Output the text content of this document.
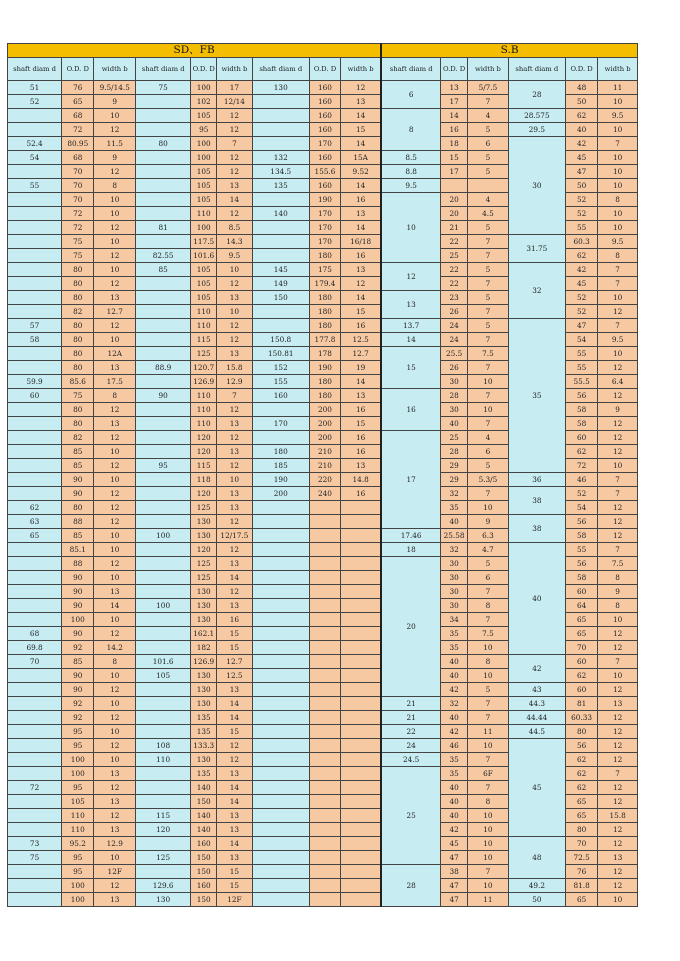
SD、FB									S.B					
shaft diam d	O.D. D	width b	shaft diam d	O.D. D	width b	shaft diam d	O.D. D	width b	shaft diam d	O.D. D	width b	shaft diam d	O.D. D	width b
51	76	9.5/14.5	75	100	17	130	160	12	6	13	5/7.5	28	48	11
52	65	9		102	12/14		160	13		17	7		50	10
	68	10		105	12		160	14	8	14	4	28.575	62	9.5
	72	12		95	12		160	15		16	5	29.5	40	10
52.4	80.95	11.5	80	100	7		170	14		18	6	30	42	7
54	68	9		100	12	132	160	15A	8.5	15	5		45	10
	70	12		105	12	134.5	155.6	9.52	8.8	17	5		47	10
55	70	8		105	13	135	160	14	9.5				50	10
	70	10		105	14		190	16	10	20	4		52	8
	72	10		110	12	140	170	13		20	4.5		52	10
	72	12	81	100	8.5		170	14		21	5		55	10
	75	10		117.5	14.3		170	16/18		22	7	31.75	60.3	9.5
	75	12	82.55	101.6	9.5		180	16		25	7		62	8
	80	10	85	105	10	145	175	13	12	22	5	32	42	7
	80	12		105	12	149	179.4	12		22	7		45	7
	80	13		105	13	150	180	14	13	23	5		52	10
	82	12.7		110	10		180	15		26	7		52	12
57	80	12		110	12		180	16	13.7	24	5	35	47	7
58	80	10		115	12	150.8	177.8	12.5	14	24	7		54	9.5
	80	12A		125	13	150.81	178	12.7	15	25.5	7.5		55	10
	80	13	88.9	120.7	15.8	152	190	19		26	7		55	12
59.9	85.6	17.5		126.9	12.9	155	180	14		30	10		55.5	6.4
60	75	8	90	110	7	160	180	13	16	28	7		56	12
	80	12		110	12		200	16		30	10		58	9
	80	13		110	13	170	200	15		40	7		58	12
	82	12		120	12		200	16	17	25	4		60	12
	85	10		120	13	180	210	16		28	6		62	12
	85	12	95	115	12	185	210	13		29	5		72	10
	90	10		118	10	190	220	14.8		29	5.3/5	36	46	7
	90	12		120	13	200	240	16		32	7	38	52	7
62	80	12		125	13					35	10		54	12
63	88	12		130	12					40	9	38	56	12
65	85	10	100	130	12/17.5				17.46	25.58	6.3		58	12
	85.1	10		120	12				18	32	4.7	40	55	7
	88	12		125	13				20	30	5		56	7.5
	90	10		125	14					30	6		58	8
	90	13		130	12					30	7		60	9
	90	14	100	130	13					30	8		64	8
	100	10		130	16					34	7		65	10
68	90	12		162.1	15					35	7.5		65	12
69.8	92	14.2		182	15					35	10		70	12
70	85	8	101.6	126.9	12.7					40	8	42	60	7
	90	10	105	130	12.5					40	10		62	10
	90	12		130	13					42	5	43	60	12
	92	10		130	14				21	32	7	44.3	81	13
	92	12		135	14				21	40	7	44.44	60.33	12
	95	10		135	15				22	42	11	44.5	80	12
	95	12	108	133.3	12				24	46	10	45	56	12
	100	10	110	130	12				24.5	35	7		62	12
	100	13		135	13				25	35	6F		62	7
72	95	12		140	14					40	7		62	12
	105	13		150	14					40	8		65	12
	110	12	115	140	13					40	10		65	15.8
	110	13	120	140	13					42	10		80	12
73	95.2	12.9		160	14					45	10	48	70	12
75	95	10	125	150	13					47	10		72.5	13
	95	12F		150	15				28	38	7		76	12
	100	12	129.6	160	15					47	10	49.2	81.8	12
	100	13	130	150	12F					47	11	50	65	10
